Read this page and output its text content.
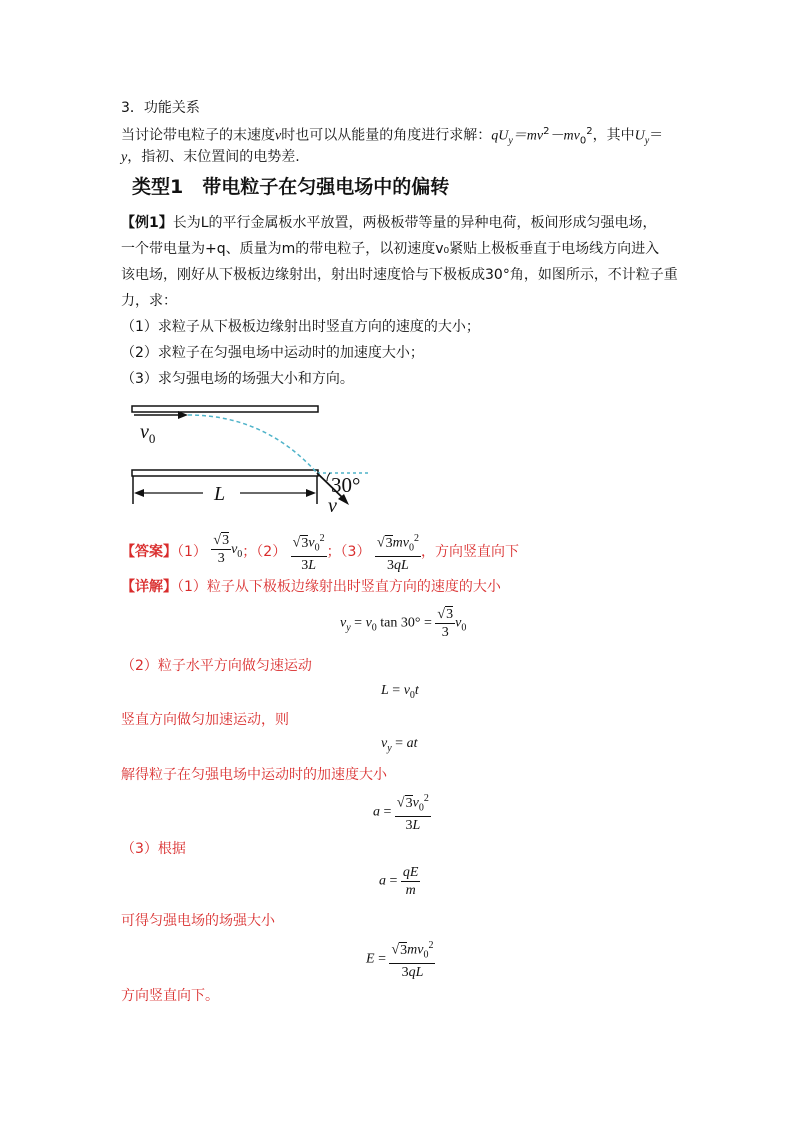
3．功能关系
当讨论带电粒子的末速度v时也可以从能量的角度进行求解：$qU_y=mv^2-mv_0^2$，其中$U_y=$
y，指初、末位置间的电势差.
类型1　带电粒子在匀强电场中的偏转
【例1】长为L的平行金属板水平放置，两极板带等量的异种电荷，板间形成匀强电场，
一个带电量为+q、质量为m的带电粒子，以初速度v₀紧贴上极板垂直于电场线方向进入
该电场，刚好从下极板边缘射出，射出时速度恰与下极板成30°角，如图所示，不计粒子重
力，求：
（1）求粒子从下极板边缘射出时竖直方向的速度的大小；
（2）求粒子在匀强电场中运动时的加速度大小；
（3）求匀强电场的场强大小和方向。
$v_0$
30°
v
L
【答案】$(1) \frac{√3}{3} v_0$；$(2) \frac{√3v_0^2}{3L}$ ；$(3) \frac{√3mv_0^2}{3qL}$ ，方向竖直向下
【详解】（1）粒子从下极板边缘射出时竖直方向的速度的大小
$v_y = v_0$ $\tan 30^\circ = \frac{√3}{3} v_0$
（2）粒子水平方向做匀速运动
$L = v_0t$
竖直方向做匀加速运动，则
$v_y$ = at
解得粒子在匀强电场中运动时的加速度大小
$a = \frac{√3v_0^2}{3L}$
（3）根据
$a = \frac{qE}{m}$
可得匀强电场的场强大小
$E = \frac{√3mv_0^2}{3qL}$
方向竖直向下。
